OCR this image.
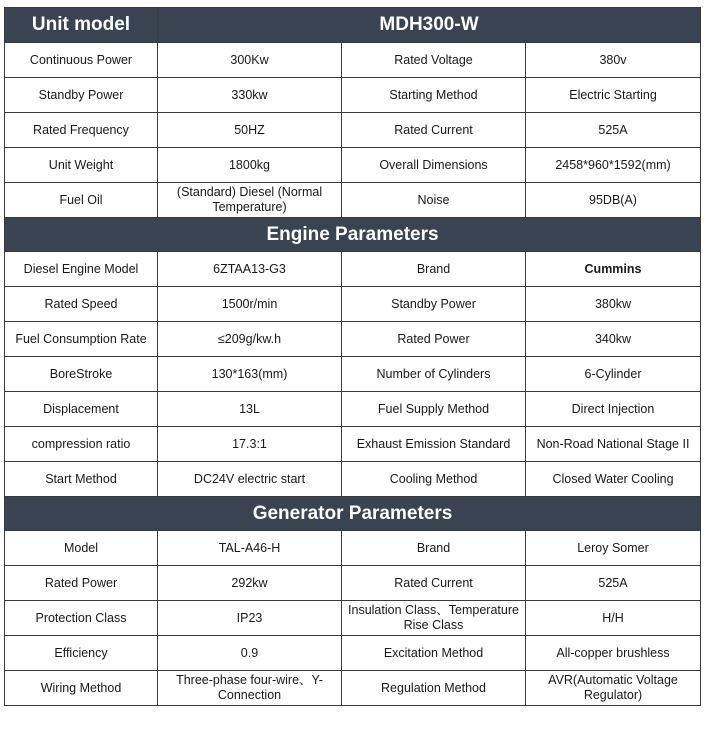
Unit model	MDH300-W		
Continuous Power	300Kw	Rated Voltage	380v
Standby Power	330kw	Starting Method	Electric Starting
Rated Frequency	50HZ	Rated Current	525A
Unit Weight	1800kg	Overall Dimensions	2458*960*1592(mm)
Fuel Oil	(Standard) Diesel (Normal Temperature)	Noise	95DB(A)
Engine Parameters			
Diesel Engine Model	6ZTAA13-G3	Brand	Cummins
Rated Speed	1500r/min	Standby Power	380kw
Fuel Consumption Rate	≤209g/kw.h	Rated Power	340kw
BoreStroke	130*163(mm)	Number of Cylinders	6-Cylinder
Displacement	13L	Fuel Supply Method	Direct Injection
compression ratio	17.3:1	Exhaust Emission Standard	Non-Road National Stage II
Start Method	DC24V electric start	Cooling Method	Closed Water Cooling
Generator Parameters			
Model	TAL-A46-H	Brand	Leroy Somer
Rated Power	292kw	Rated Current	525A
Protection Class	IP23	Insulation Class、Temperature Rise Class	H/H
Efficiency	0.9	Excitation Method	All-copper brushless
Wiring Method	Three-phase four-wire、Y-Connection	Regulation Method	AVR(Automatic Voltage Regulator)
